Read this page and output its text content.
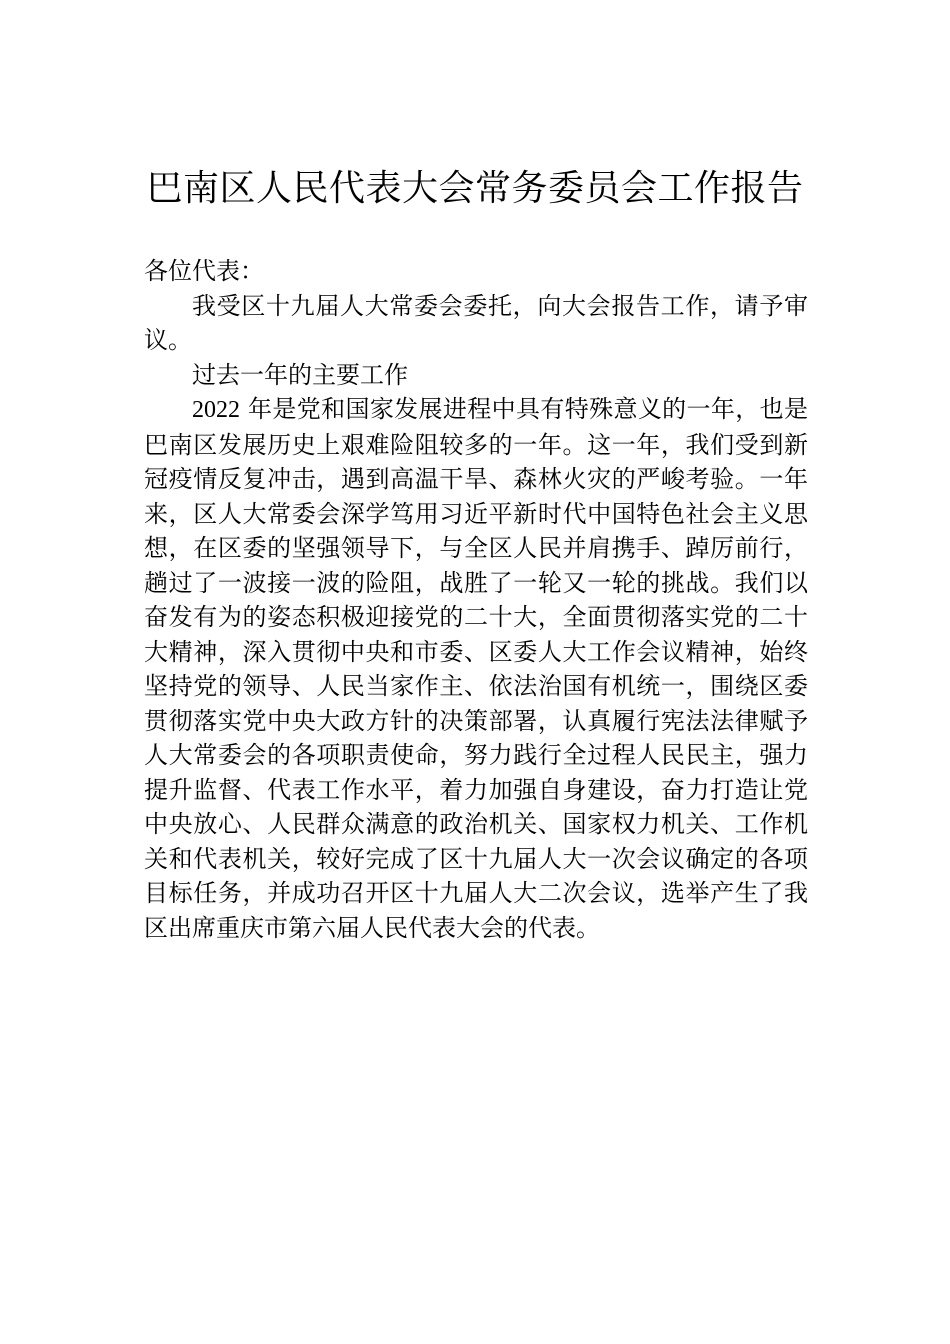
巴南区人民代表大会常务委员会工作报告

各位代表：

我受区十九届人大常委会委托，向大会报告工作，请予审议。

过去一年的主要工作

2022 年是党和国家发展进程中具有特殊意义的一年，也是巴南区发展历史上艰难险阻较多的一年。这一年，我们受到新冠疫情反复冲击，遇到高温干旱、森林火灾的严峻考验。一年来，区人大常委会深学笃用习近平新时代中国特色社会主义思想，在区委的坚强领导下，与全区人民并肩携手、踔厉前行，趟过了一波接一波的险阻，战胜了一轮又一轮的挑战。我们以奋发有为的姿态积极迎接党的二十大，全面贯彻落实党的二十大精神，深入贯彻中央和市委、区委人大工作会议精神，始终坚持党的领导、人民当家作主、依法治国有机统一，围绕区委贯彻落实党中央大政方针的决策部署，认真履行宪法法律赋予人大常委会的各项职责使命，努力践行全过程人民民主，强力提升监督、代表工作水平，着力加强自身建设，奋力打造让党中央放心、人民群众满意的政治机关、国家权力机关、工作机关和代表机关，较好完成了区十九届人大一次会议确定的各项目标任务，并成功召开区十九届人大二次会议，选举产生了我区出席重庆市第六届人民代表大会的代表。
